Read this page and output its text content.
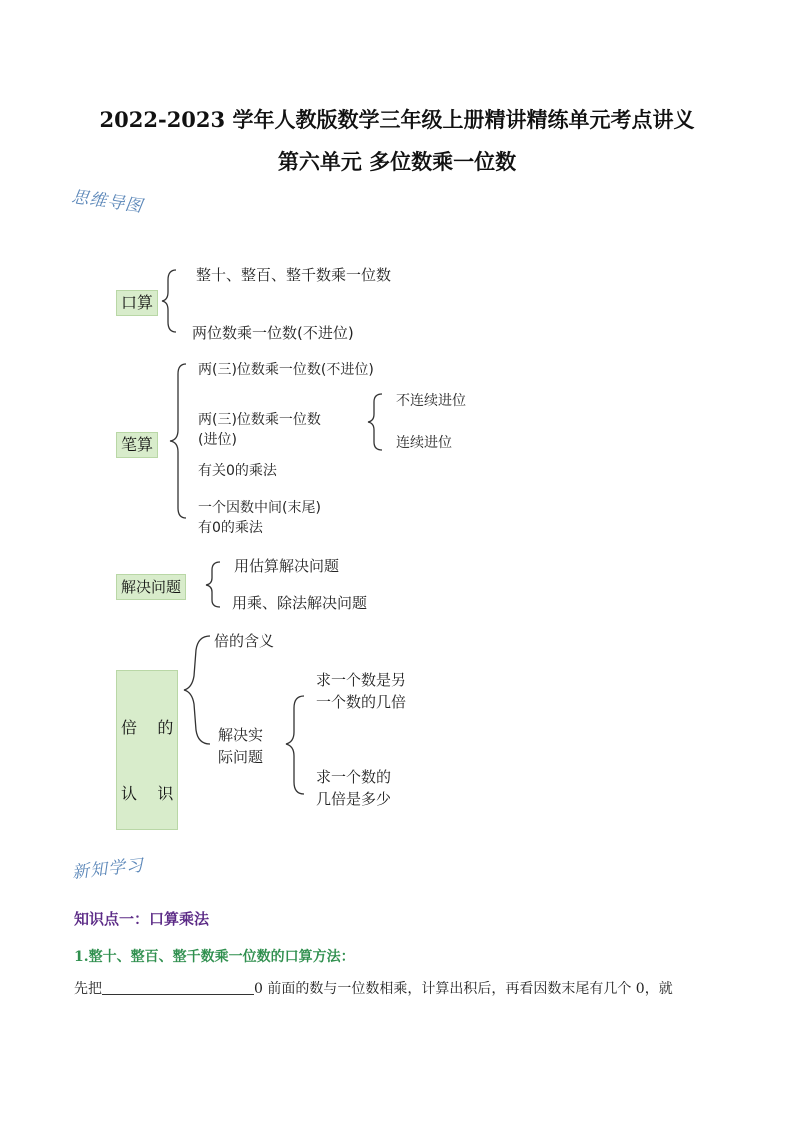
2022-2023 学年人教版数学三年级上册精讲精练单元考点讲义
第六单元 多位数乘一位数
思维导图
口算
整十、整百、整千数乘一位数
两位数乘一位数(不进位)
笔算
两(三)位数乘一位数(不进位)
两(三)位数乘一位数
(进位)
不连续进位
连续进位
有关0的乘法
一个因数中间(末尾)
有0的乘法
解决问题
用估算解决问题
用乘、除法解决问题

倍    的

认    识

倍的含义
解决实
际问题
求一个数是另
一个数的几倍
求一个数的
几倍是多少
新知学习
知识点一：口算乘法
1.整十、整百、整千数乘一位数的口算方法：
先把	0 前面的数与一位数相乘，计算出积后，再看因数末尾有几个 0，就
